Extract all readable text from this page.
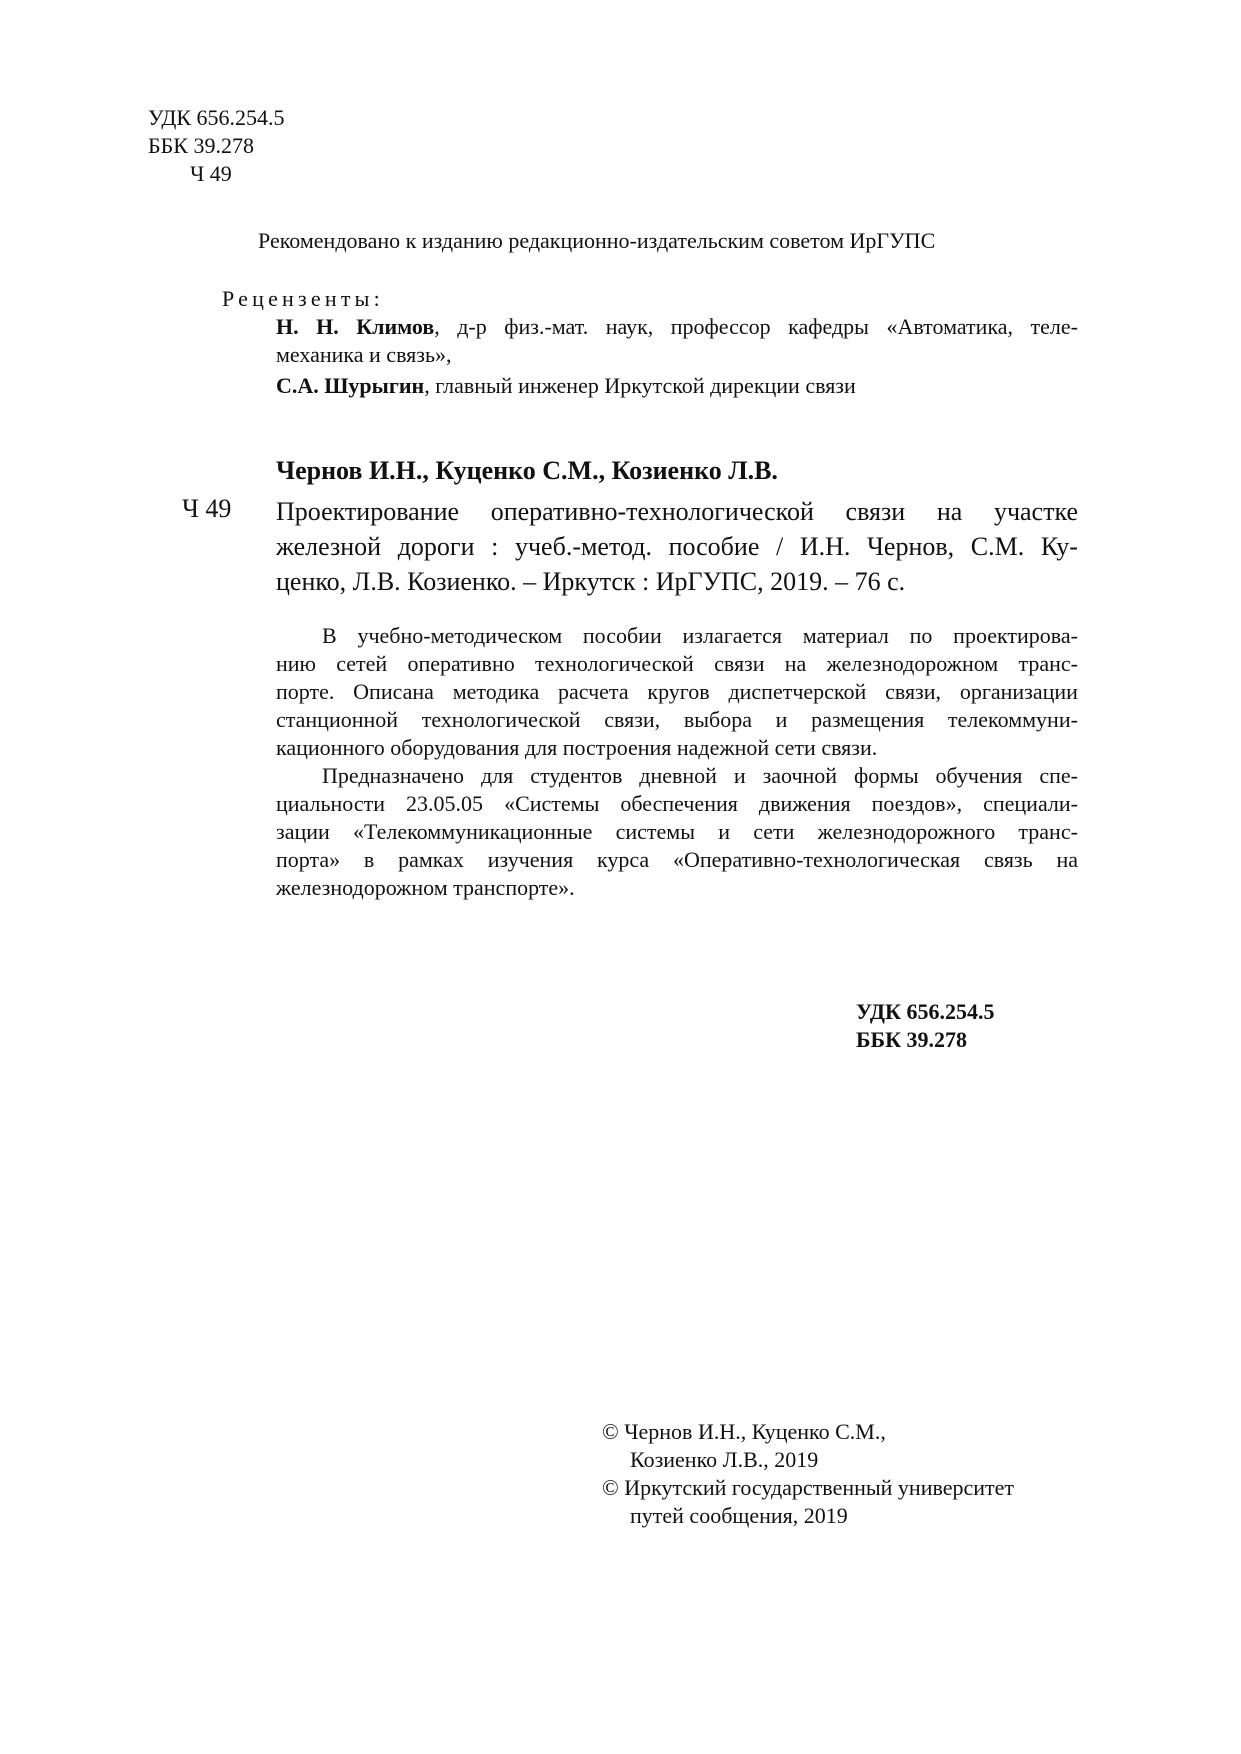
УДК 656.254.5
ББК 39.278
Ч 49
Рекомендовано к изданию редакционно-издательским советом ИрГУПС
Рецензенты:
Н. Н. Климов, д-р физ.-мат. наук, профессор кафедры «Автоматика, теле-
механика и связь»,
С.А. Шурыгин, главный инженер Иркутской дирекции связи
Чернов И.Н., Куценко С.М., Козиенко Л.В.
Ч 49 Проектирование оперативно-технологической связи на участке
железной дороги : учеб.-метод. пособие / И.Н. Чернов, С.М. Ку-
ценко, Л.В. Козиенко. – Иркутск : ИрГУПС, 2019. – 76 с.
В учебно-методическом пособии излагается материал по проектирова-
нию сетей оперативно технологической связи на железнодорожном транс-
порте. Описана методика расчета кругов диспетчерской связи, организации
станционной технологической связи, выбора и размещения телекоммуни-
кационного оборудования для построения надежной сети связи.
Предназначено для студентов дневной и заочной формы обучения спе-
циальности 23.05.05 «Системы обеспечения движения поездов», специали-
зации «Телекоммуникационные системы и сети железнодорожного транс-
порта» в рамках изучения курса «Оперативно-технологическая связь на
железнодорожном транспорте».
УДК 656.254.5
ББК 39.278
© Чернов И.Н., Куценко С.М.,
Козиенко Л.В., 2019
© Иркутский государственный университет
путей сообщения, 2019
